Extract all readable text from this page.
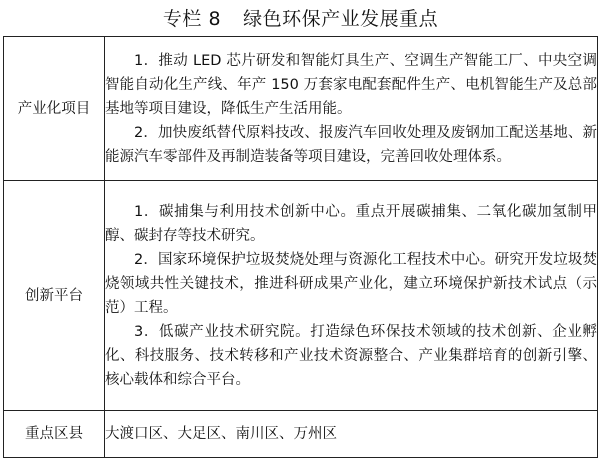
专栏 8 绿色环保产业发展重点
产业化项目	1．推动 LED 芯片研发和智能灯具生产、空调生产智能工厂、中央空调智能自动化生产线、年产 150 万套家电配套配件生产、电机智能生产及总部基地等项目建设，降低生产生活用能。

2．加快废纸替代原料技改、报废汽车回收处理及废钢加工配送基地、新能源汽车零部件及再制造装备等项目建设，完善回收处理体系。

创新平台	1．碳捕集与利用技术创新中心。重点开展碳捕集、二氧化碳加氢制甲醇、碳封存等技术研究。

2．国家环境保护垃圾焚烧处理与资源化工程技术中心。研究开发垃圾焚烧领域共性关键技术，推进科研成果产业化，建立环境保护新技术试点（示范）工程。

3．低碳产业技术研究院。打造绿色环保技术领域的技术创新、企业孵化、科技服务、技术转移和产业技术资源整合、产业集群培育的创新引擎、核心载体和综合平台。

重点区县	大渡口区、大足区、南川区、万州区
